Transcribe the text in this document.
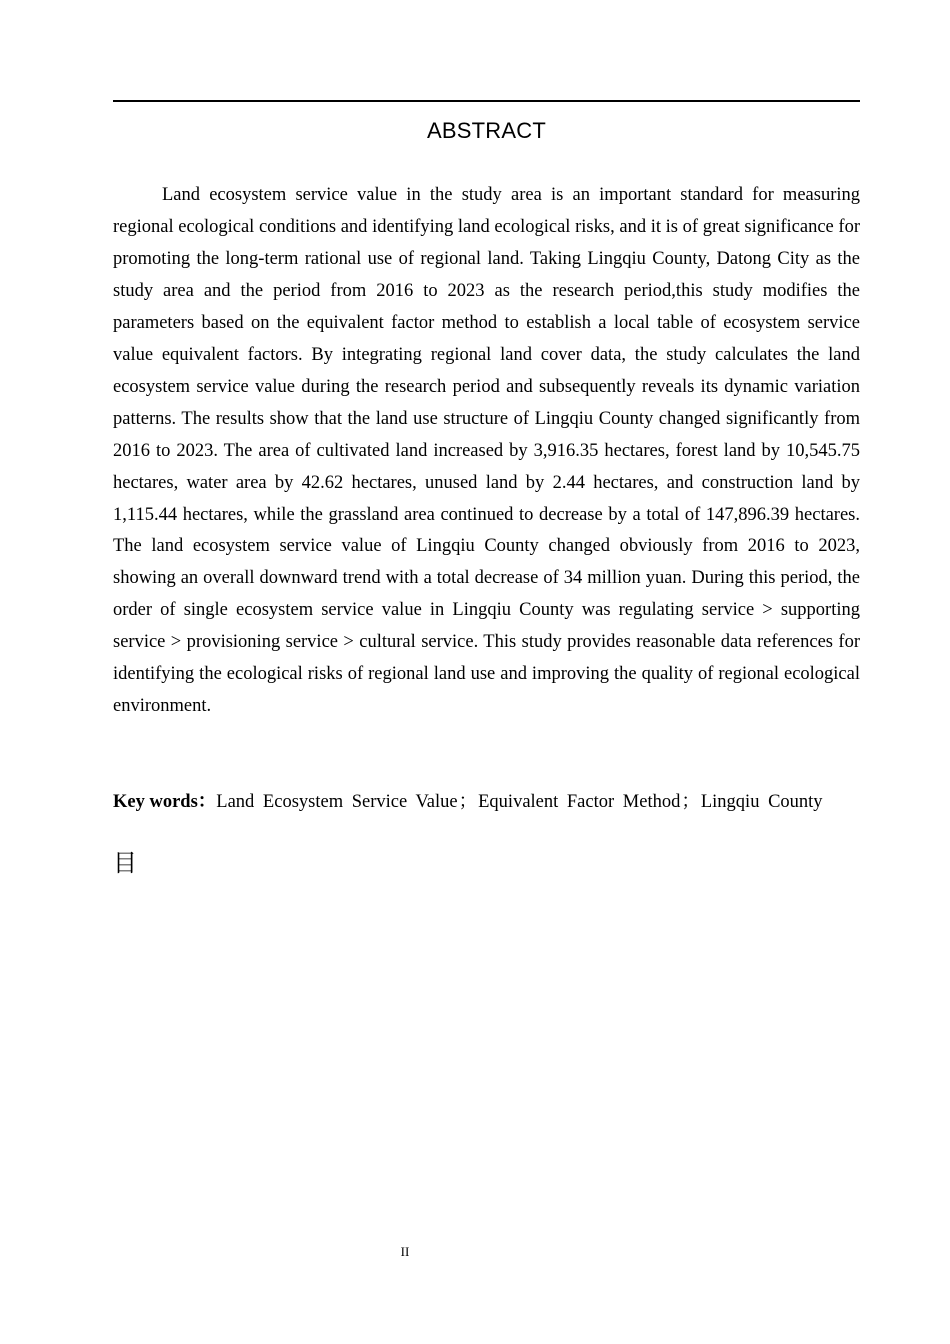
ABSTRACT

Land ecosystem service value in the study area is an important standard for measuring regional ecological conditions and identifying land ecological risks, and it is of great significance for promoting the long-term rational use of regional land. Taking Lingqiu County, Datong City as the study area and the period from 2016 to 2023 as the research period,this study modifies the parameters based on the equivalent factor method to establish a local table of ecosystem service value equivalent factors. By integrating regional land cover data, the study calculates the land ecosystem service value during the research period and subsequently reveals its dynamic variation patterns. The results show that the land use structure of Lingqiu County changed significantly from 2016 to 2023. The area of cultivated land increased by 3,916.35 hectares, forest land by 10,545.75 hectares, water area by 42.62 hectares, unused land by 2.44 hectares, and construction land by 1,115.44 hectares, while the grassland area continued to decrease by a total of 147,896.39 hectares. The land ecosystem service value of Lingqiu County changed obviously from 2016 to 2023, showing an overall downward trend with a total decrease of 34 million yuan. During this period, the order of single ecosystem service value in Lingqiu County was regulating service > supporting service > provisioning service > cultural service. This study provides reasonable data references for identifying the ecological risks of regional land use and improving the quality of regional ecological environment.

Key words：Land Ecosystem Service Value；Equivalent Factor Method；Lingqiu County

目
II
